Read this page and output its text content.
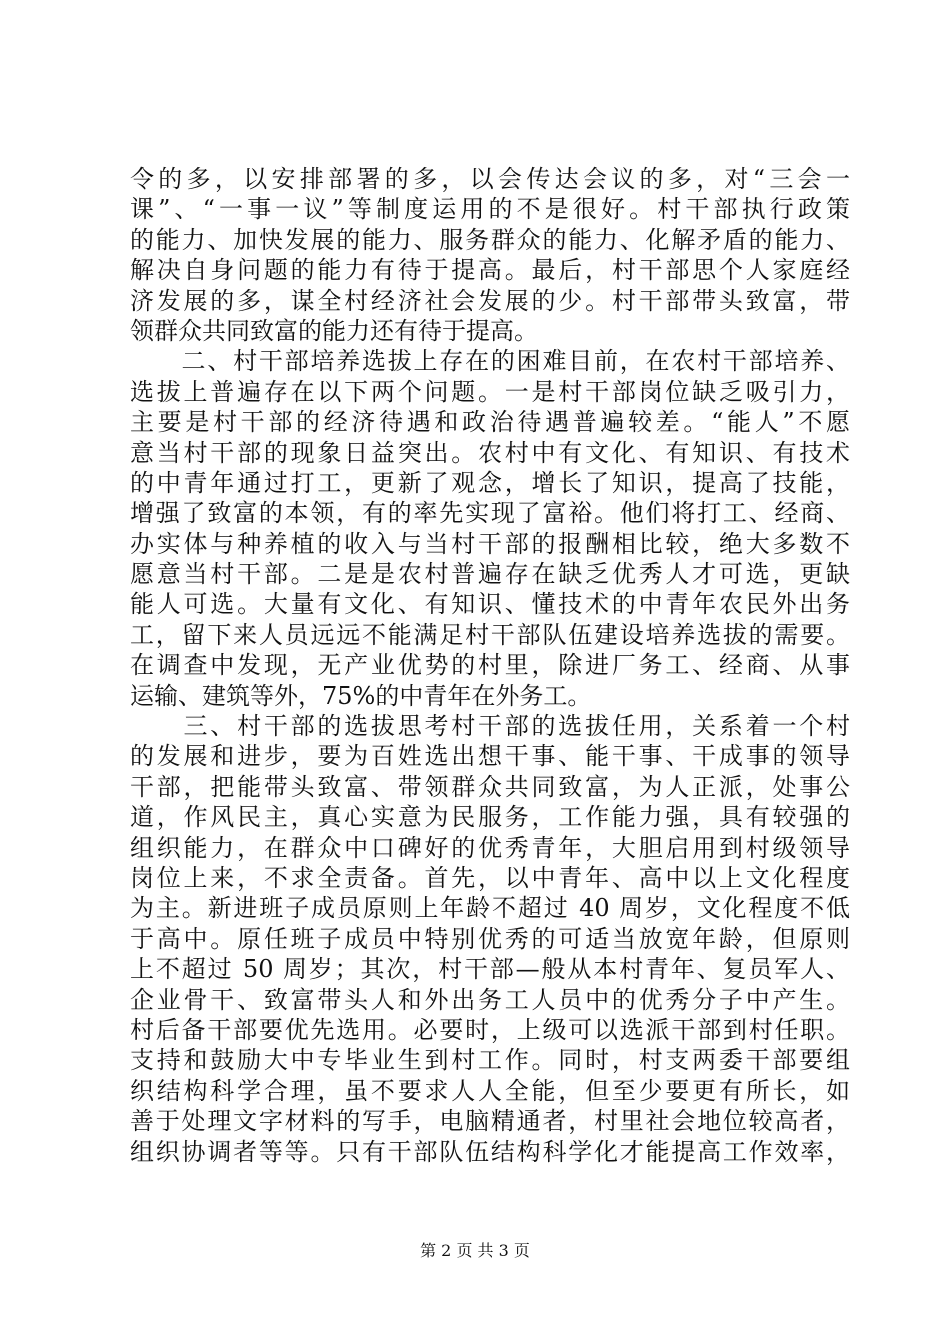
令的多，以安排部署的多，以会传达会议的多，对“三会一
课”、“一事一议”等制度运用的不是很好。村干部执行政策
的能力、加快发展的能力、服务群众的能力、化解矛盾的能力、
解决自身问题的能力有待于提高。最后，村干部思个人家庭经
济发展的多，谋全村经济社会发展的少。村干部带头致富，带
领群众共同致富的能力还有待于提高。
　　二、村干部培养选拔上存在的困难目前，在农村干部培养、
选拔上普遍存在以下两个问题。一是村干部岗位缺乏吸引力，
主要是村干部的经济待遇和政治待遇普遍较差。“能人”不愿
意当村干部的现象日益突出。农村中有文化、有知识、有技术
的中青年通过打工，更新了观念，增长了知识，提高了技能，
增强了致富的本领，有的率先实现了富裕。他们将打工、经商、
办实体与种养植的收入与当村干部的报酬相比较，绝大多数不
愿意当村干部。二是是农村普遍存在缺乏优秀人才可选，更缺
能人可选。大量有文化、有知识、懂技术的中青年农民外出务
工，留下来人员远远不能满足村干部队伍建设培养选拔的需要。
在调查中发现，无产业优势的村里，除进厂务工、经商、从事
运输、建筑等外，75%的中青年在外务工。
　　三、村干部的选拔思考村干部的选拔任用，关系着一个村
的发展和进步，要为百姓选出想干事、能干事、干成事的领导
干部，把能带头致富、带领群众共同致富，为人正派，处事公
道，作风民主，真心实意为民服务，工作能力强，具有较强的
组织能力，在群众中口碑好的优秀青年，大胆启用到村级领导
岗位上来，不求全责备。首先，以中青年、高中以上文化程度
为主。新进班子成员原则上年龄不超过 40 周岁，文化程度不低
于高中。原任班子成员中特别优秀的可适当放宽年龄，但原则
上不超过 50 周岁；其次，村干部—般从本村青年、复员军人、
企业骨干、致富带头人和外出务工人员中的优秀分子中产生。
村后备干部要优先选用。必要时，上级可以选派干部到村任职。
支持和鼓励大中专毕业生到村工作。同时，村支两委干部要组
织结构科学合理，虽不要求人人全能，但至少要更有所长，如
善于处理文字材料的写手，电脑精通者，村里社会地位较高者，
组织协调者等等。只有干部队伍结构科学化才能提高工作效率，
第 2 页 共 3 页
